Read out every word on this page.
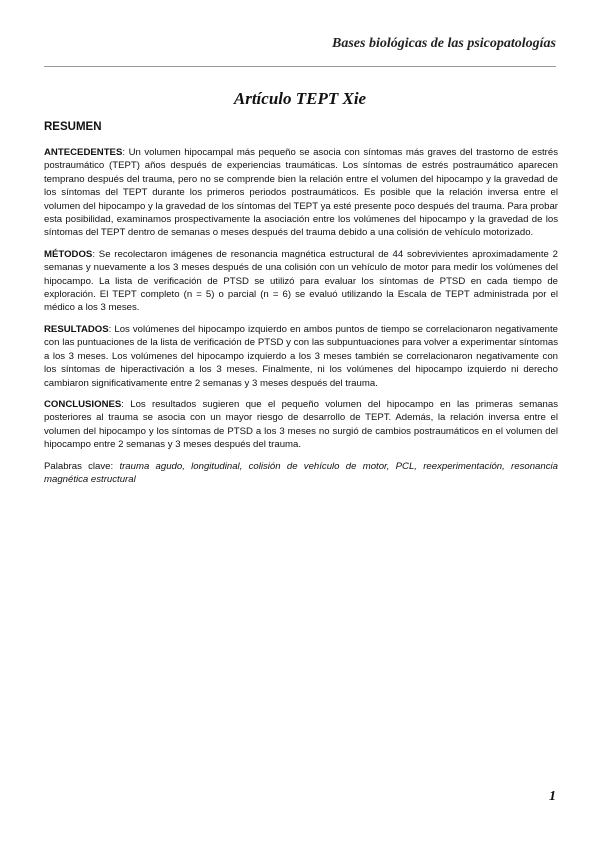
Bases biológicas de las psicopatologías
Artículo TEPT Xie
RESUMEN

ANTECEDENTES: Un volumen hipocampal más pequeño se asocia con síntomas más graves del trastorno de estrés postraumático (TEPT) años después de experiencias traumáticas. Los síntomas de estrés postraumático aparecen temprano después del trauma, pero no se comprende bien la relación entre el volumen del hipocampo y la gravedad de los síntomas del TEPT durante los primeros periodos postraumáticos. Es posible que la relación inversa entre el volumen del hipocampo y la gravedad de los síntomas del TEPT ya esté presente poco después del trauma. Para probar esta posibilidad, examinamos prospectivamente la asociación entre los volúmenes del hipocampo y la gravedad de los síntomas del TEPT dentro de semanas o meses después del trauma debido a una colisión de vehículo motorizado.

MÉTODOS: Se recolectaron imágenes de resonancia magnética estructural de 44 sobrevivientes aproximadamente 2 semanas y nuevamente a los 3 meses después de una colisión con un vehículo de motor para medir los volúmenes del hipocampo. La lista de verificación de PTSD se utilizó para evaluar los síntomas de PTSD en cada tiempo de exploración. El TEPT completo (n = 5) o parcial (n = 6) se evaluó utilizando la Escala de TEPT administrada por el médico a los 3 meses.

RESULTADOS: Los volúmenes del hipocampo izquierdo en ambos puntos de tiempo se correlacionaron negativamente con las puntuaciones de la lista de verificación de PTSD y con las subpuntuaciones para volver a experimentar síntomas a los 3 meses. Los volúmenes del hipocampo izquierdo a los 3 meses también se correlacionaron negativamente con los síntomas de hiperactivación a los 3 meses. Finalmente, ni los volúmenes del hipocampo izquierdo ni derecho cambiaron significativamente entre 2 semanas y 3 meses después del trauma.

CONCLUSIONES: Los resultados sugieren que el pequeño volumen del hipocampo en las primeras semanas posteriores al trauma se asocia con un mayor riesgo de desarrollo de TEPT. Además, la relación inversa entre el volumen del hipocampo y los síntomas de PTSD a los 3 meses no surgió de cambios postraumáticos en el volumen del hipocampo entre 2 semanas y 3 meses después del trauma.

Palabras clave: trauma agudo, longitudinal, colisión de vehículo de motor, PCL, reexperimentación, resonancia magnética estructural

1
